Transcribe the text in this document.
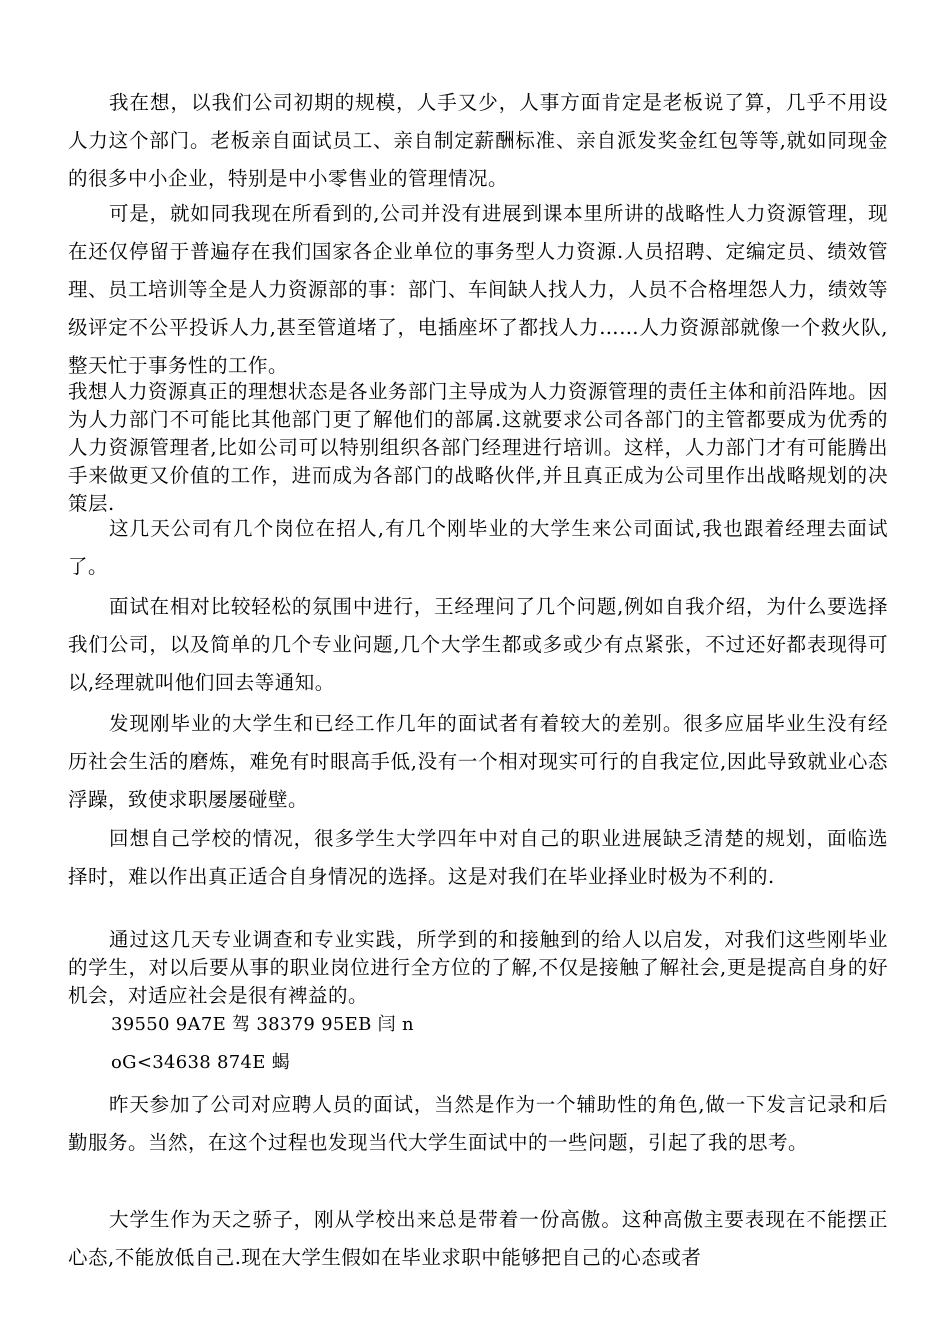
我在想，以我们公司初期的规模，人手又少，人事方面肯定是老板说了算，几乎不用设人力这个部门。老板亲自面试员工、亲自制定薪酬标准、亲自派发奖金红包等等,就如同现金的很多中小企业，特别是中小零售业的管理情况。

可是，就如同我现在所看到的,公司并没有进展到课本里所讲的战略性人力资源管理，现在还仅停留于普遍存在我们国家各企业单位的事务型人力资源.人员招聘、定编定员、绩效管理、员工培训等全是人力资源部的事：部门、车间缺人找人力，人员不合格埋怨人力，绩效等级评定不公平投诉人力,甚至管道堵了，电插座坏了都找人力……人力资源部就像一个救火队,整天忙于事务性的工作。

我想人力资源真正的理想状态是各业务部门主导成为人力资源管理的责任主体和前沿阵地。因为人力部门不可能比其他部门更了解他们的部属.这就要求公司各部门的主管都要成为优秀的人力资源管理者,比如公司可以特别组织各部门经理进行培训。这样，人力部门才有可能腾出手来做更又价值的工作，进而成为各部门的战略伙伴,并且真正成为公司里作出战略规划的决策层.

这几天公司有几个岗位在招人,有几个刚毕业的大学生来公司面试,我也跟着经理去面试了。

面试在相对比较轻松的氛围中进行，王经理问了几个问题,例如自我介绍，为什么要选择我们公司，以及简单的几个专业问题,几个大学生都或多或少有点紧张，不过还好都表现得可以,经理就叫他们回去等通知。

发现刚毕业的大学生和已经工作几年的面试者有着较大的差别。很多应届毕业生没有经历社会生活的磨炼，难免有时眼高手低,没有一个相对现实可行的自我定位,因此导致就业心态浮躁，致使求职屡屡碰壁。

回想自己学校的情况，很多学生大学四年中对自己的职业进展缺乏清楚的规划，面临选择时，难以作出真正适合自身情况的选择。这是对我们在毕业择业时极为不利的.

通过这几天专业调查和专业实践，所学到的和接触到的给人以启发，对我们这些刚毕业的学生，对以后要从事的职业岗位进行全方位的了解,不仅是接触了解社会,更是提高自身的好机会，对适应社会是很有裨益的。

39550 9A7E 驾 38379 95EB 闫 n

oG<34638 874E 蝎

昨天参加了公司对应聘人员的面试，当然是作为一个辅助性的角色,做一下发言记录和后勤服务。当然，在这个过程也发现当代大学生面试中的一些问题，引起了我的思考。

大学生作为天之骄子，刚从学校出来总是带着一份高傲。这种高傲主要表现在不能摆正心态,不能放低自己.现在大学生假如在毕业求职中能够把自己的心态或者
